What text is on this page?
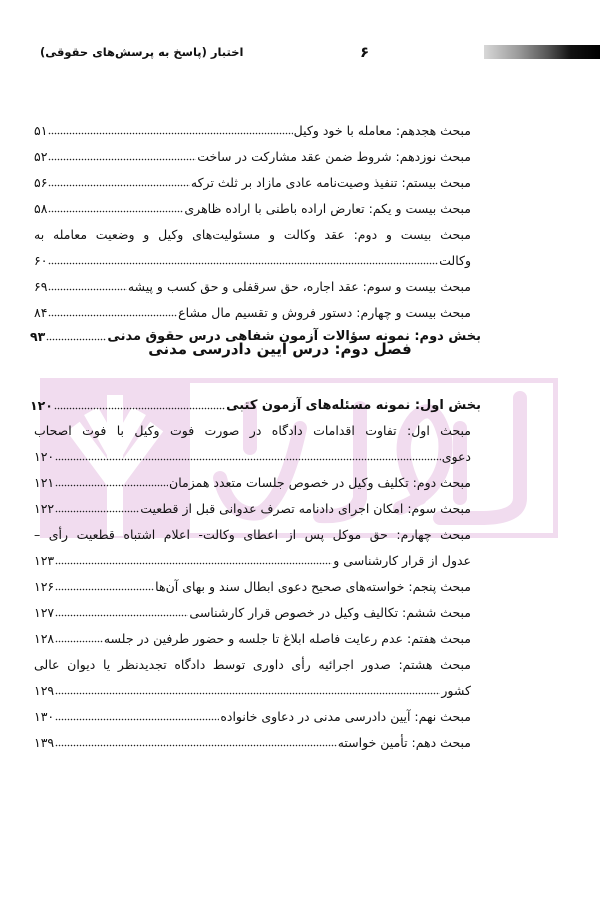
اختبار (پاسخ به پرسش‌های حقوقی)	۶
مبحث هجدهم: معامله با خود وکیل
۵۱
مبحث نوزدهم: شروط ضمن عقد مشارکت در ساخت
۵۲
مبحث بیستم: تنفیذ وصیت‌نامه عادی مازاد بر ثلث ترکه
۵۶
مبحث بیست و یکم: تعارض اراده باطنی با اراده ظاهری
۵۸
مبحث بیست و دوم: عقد وکالت و مسئولیت‌های وکیل و وضعیت معامله به
وکالت
۶۰
مبحث بیست و سوم: عقد اجاره، حق سرقفلی و حق کسب و پیشه
۶۹
مبحث بیست و چهارم: دستور فروش و تقسیم مال مشاع
۸۴
بخش دوم: نمونه سؤالات آزمون شفاهی درس حقوق مدنی
۹۳
فصل دوم: درس آیین دادرسی مدنی
بخش اول: نمونه مسئله‌های آزمون کتبی
۱۲۰
مبحث اول: تفاوت اقدامات دادگاه در صورت فوت وکیل با فوت اصحاب
دعوی
۱۲۰
مبحث دوم: تکلیف وکیل در خصوص جلسات متعدد همزمان
۱۲۱
مبحث سوم: امکان اجرای دادنامه تصرف عدوانی قبل از قطعیت
۱۲۲
مبحث چهارم: حق موکل پس از اعطای وکالت- اعلام اشتباه قطعیت رأی –
عدول از قرار کارشناسی و
۱۲۳
مبحث پنجم: خواسته‌های صحیح دعوی ابطال سند و بهای آن‌ها
۱۲۶
مبحث ششم: تکالیف وکیل در خصوص قرار کارشناسی
۱۲۷
مبحث هفتم: عدم رعایت فاصله ابلاغ تا جلسه و حضور طرفین در جلسه
۱۲۸
مبحث هشتم: صدور اجرائیه رأی داوری توسط دادگاه تجدیدنظر یا دیوان عالی
کشور
۱۲۹
مبحث نهم: آیین دادرسی مدنی در دعاوی خانواده
۱۳۰
مبحث دهم: تأمین خواسته
۱۳۹
